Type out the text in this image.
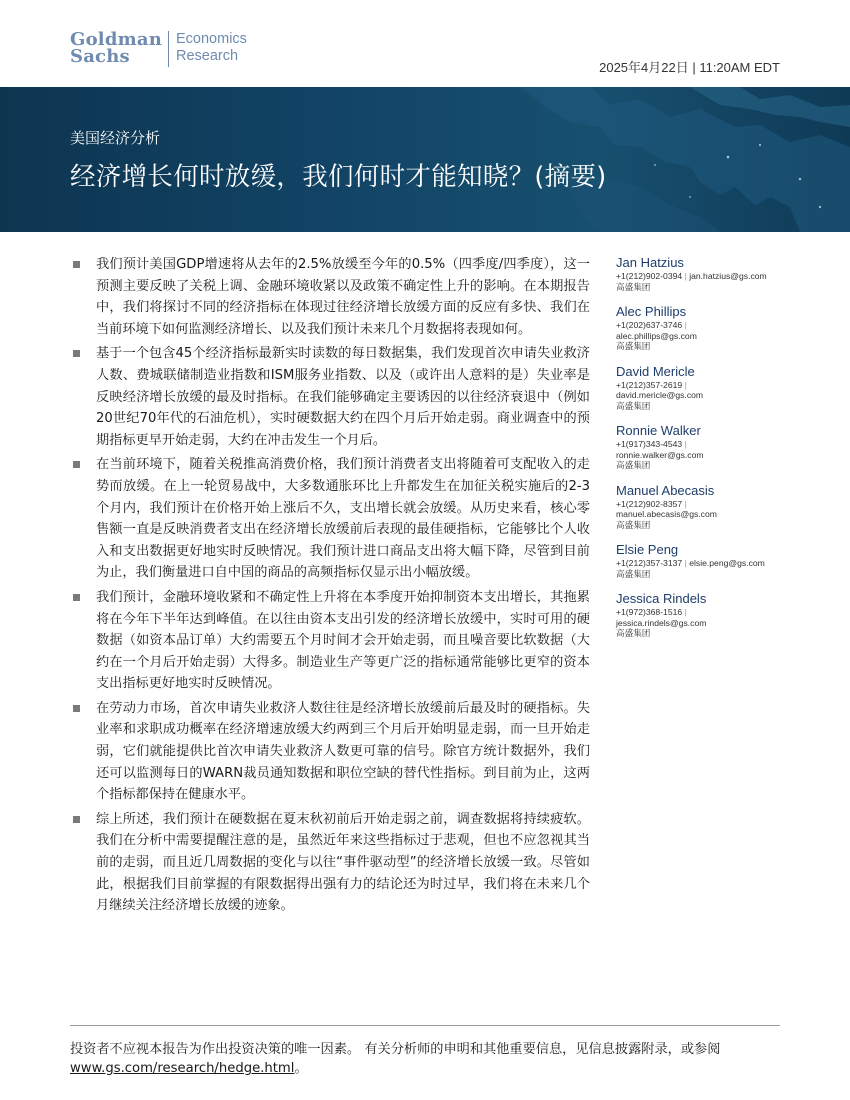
Goldman
Sachs
Economics
Research
2025年4月22日 | 11:20AM EDT
美国经济分析
经济增长何时放缓，我们何时才能知晓？(摘要)
我们预计美国GDP增速将从去年的2.5%放缓至今年的0.5%（四季度/四季度），这一预测主要反映了关税上调、金融环境收紧以及政策不确定性上升的影响。在本期报告中，我们将探讨不同的经济指标在体现过往经济增长放缓方面的反应有多快、我们在当前环境下如何监测经济增长、以及我们预计未来几个月数据将表现如何。
基于一个包含45个经济指标最新实时读数的每日数据集，我们发现首次申请失业救济人数、费城联储制造业指数和ISM服务业指数、以及（或许出人意料的是）失业率是反映经济增长放缓的最及时指标。在我们能够确定主要诱因的以往经济衰退中（例如20世纪70年代的石油危机），实时硬数据大约在四个月后开始走弱。商业调查中的预期指标更早开始走弱，大约在冲击发生一个月后。
在当前环境下，随着关税推高消费价格，我们预计消费者支出将随着可支配收入的走势而放缓。在上一轮贸易战中，大多数通胀环比上升都发生在加征关税实施后的2-3个月内，我们预计在价格开始上涨后不久，支出增长就会放缓。从历史来看，核心零售额一直是反映消费者支出在经济增长放缓前后表现的最佳硬指标，它能够比个人收入和支出数据更好地实时反映情况。我们预计进口商品支出将大幅下降，尽管到目前为止，我们衡量进口自中国的商品的高频指标仅显示出小幅放缓。
我们预计，金融环境收紧和不确定性上升将在本季度开始抑制资本支出增长，其拖累将在今年下半年达到峰值。在以往由资本支出引发的经济增长放缓中，实时可用的硬数据（如资本品订单）大约需要五个月时间才会开始走弱，而且噪音要比软数据（大约在一个月后开始走弱）大得多。制造业生产等更广泛的指标通常能够比更窄的资本支出指标更好地实时反映情况。
在劳动力市场，首次申请失业救济人数往往是经济增长放缓前后最及时的硬指标。失业率和求职成功概率在经济增速放缓大约两到三个月后开始明显走弱，而一旦开始走弱，它们就能提供比首次申请失业救济人数更可靠的信号。除官方统计数据外，我们还可以监测每日的WARN裁员通知数据和职位空缺的替代性指标。到目前为止，这两个指标都保持在健康水平。
综上所述，我们预计在硬数据在夏末秋初前后开始走弱之前，调查数据将持续疲软。我们在分析中需要提醒注意的是，虽然近年来这些指标过于悲观，但也不应忽视其当前的走弱，而且近几周数据的变化与以往“事件驱动型”的经济增长放缓一致。尽管如此，根据我们目前掌握的有限数据得出强有力的结论还为时过早，我们将在未来几个月继续关注经济增长放缓的迹象。
Jan Hatzius
+1(212)902-0394 | jan.hatzius@gs.com
高盛集团
Alec Phillips
+1(202)637-3746 |
alec.phillips@gs.com
高盛集团
David Mericle
+1(212)357-2619 |
david.mericle@gs.com
高盛集团
Ronnie Walker
+1(917)343-4543 |
ronnie.walker@gs.com
高盛集团
Manuel Abecasis
+1(212)902-8357 |
manuel.abecasis@gs.com
高盛集团
Elsie Peng
+1(212)357-3137 | elsie.peng@gs.com
高盛集团
Jessica Rindels
+1(972)368-1516 |
jessica.rindels@gs.com
高盛集团
投资者不应视本报告为作出投资决策的唯一因素。 有关分析师的申明和其他重要信息，见信息披露附录，或参阅
www.gs.com/research/hedge.html。
